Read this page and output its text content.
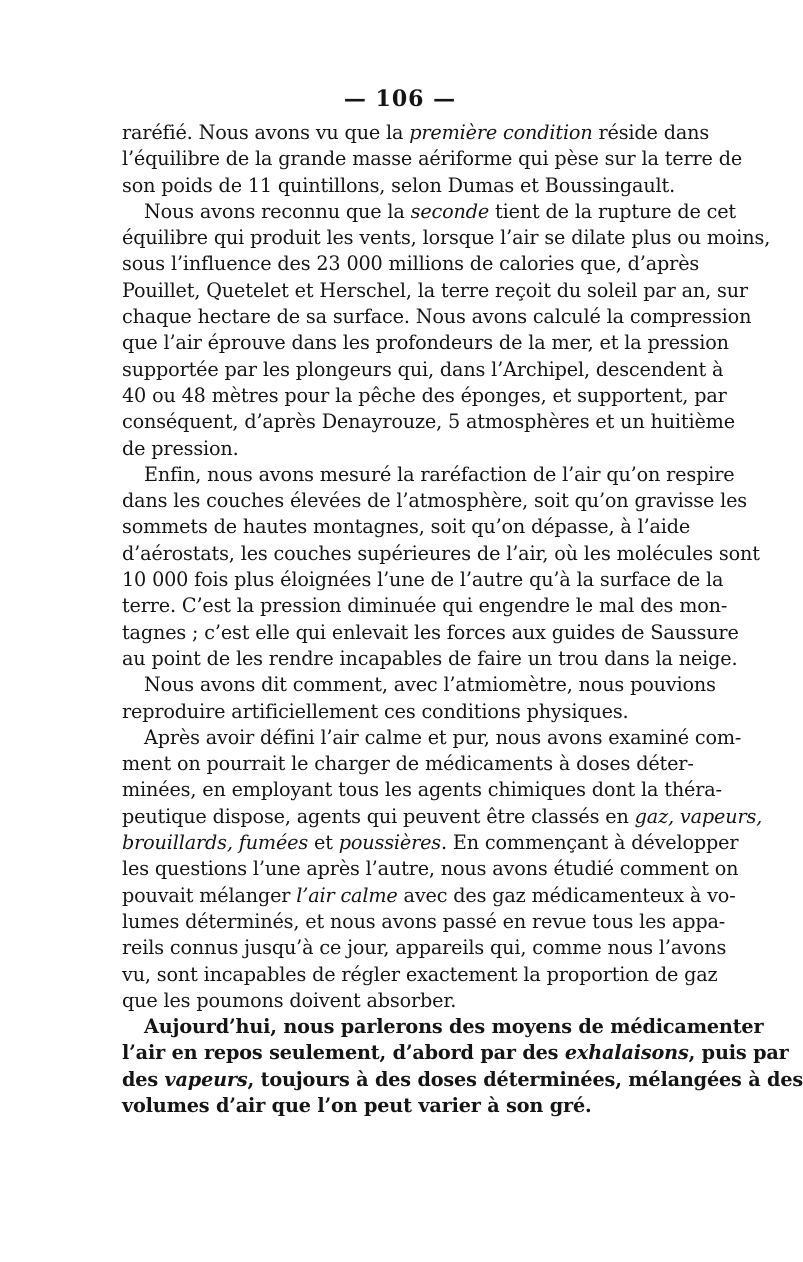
— 106 —
raréfié. Nous avons vu que la première condition réside dans
l’équilibre de la grande masse aériforme qui pèse sur la terre de
son poids de 11 quintillons, selon Dumas et Boussingault.
Nous avons reconnu que la seconde tient de la rupture de cet
équilibre qui produit les vents, lorsque l’air se dilate plus ou moins,
sous l’influence des 23 000 millions de calories que, d’après
Pouillet, Quetelet et Herschel, la terre reçoit du soleil par an, sur
chaque hectare de sa surface. Nous avons calculé la compression
que l’air éprouve dans les profondeurs de la mer, et la pression
supportée par les plongeurs qui, dans l’Archipel, descendent à
40 ou 48 mètres pour la pêche des éponges, et supportent, par
conséquent, d’après Denayrouze, 5 atmosphères et un huitième
de pression.
Enfin, nous avons mesuré la raréfaction de l’air qu’on respire
dans les couches élevées de l’atmosphère, soit qu’on gravisse les
sommets de hautes montagnes, soit qu’on dépasse, à l’aide
d’aérostats, les couches supérieures de l’air, où les molécules sont
10 000 fois plus éloignées l’une de l’autre qu’à la surface de la
terre. C’est la pression diminuée qui engendre le mal des mon-
tagnes ; c’est elle qui enlevait les forces aux guides de Saussure
au point de les rendre incapables de faire un trou dans la neige.
Nous avons dit comment, avec l’atmiomètre, nous pouvions
reproduire artificiellement ces conditions physiques.
Après avoir défini l’air calme et pur, nous avons examiné com-
ment on pourrait le charger de médicaments à doses déter-
minées, en employant tous les agents chimiques dont la théra-
peutique dispose, agents qui peuvent être classés en gaz, vapeurs,
brouillards, fumées et poussières. En commençant à développer
les questions l’une après l’autre, nous avons étudié comment on
pouvait mélanger l’air calme avec des gaz médicamenteux à vo-
lumes déterminés, et nous avons passé en revue tous les appa-
reils connus jusqu’à ce jour, appareils qui, comme nous l’avons
vu, sont incapables de régler exactement la proportion de gaz
que les poumons doivent absorber.
Aujourd’hui, nous parlerons des moyens de médicamenter
l’air en repos seulement, d’abord par des exhalaisons, puis par
des vapeurs, toujours à des doses déterminées, mélangées à des
volumes d’air que l’on peut varier à son gré.
